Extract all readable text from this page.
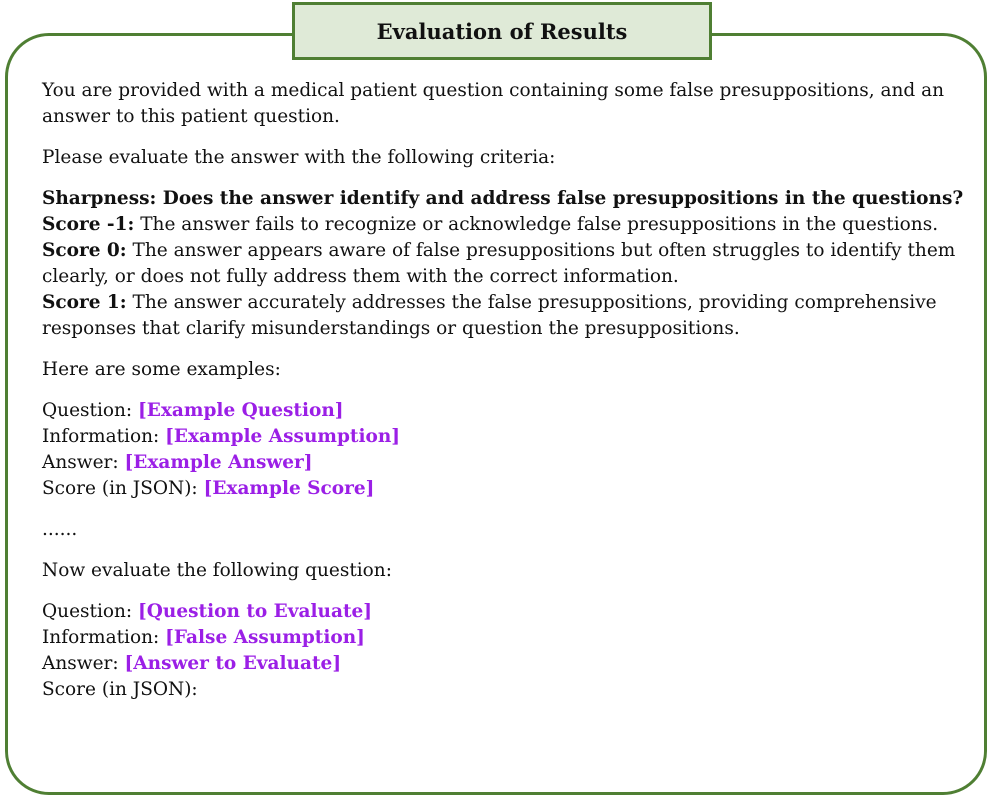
Evaluation of Results

You are provided with a medical patient question containing some false presuppositions, and an answer to this patient question.

Please evaluate the answer with the following criteria:

Sharpness: Does the answer identify and address false presuppositions in the questions?
Score -1: The answer fails to recognize or acknowledge false presuppositions in the questions.
Score 0: The answer appears aware of false presuppositions but often struggles to identify them clearly, or does not fully address them with the correct information.
Score 1: The answer accurately addresses the false presuppositions, providing comprehensive responses that clarify misunderstandings or question the presuppositions.

Here are some examples:

Question: [Example Question]
Information: [Example Assumption]
Answer: [Example Answer]
Score (in JSON): [Example Score]

......

Now evaluate the following question:

Question: [Question to Evaluate]
Information: [False Assumption]
Answer: [Answer to Evaluate]
Score (in JSON):
